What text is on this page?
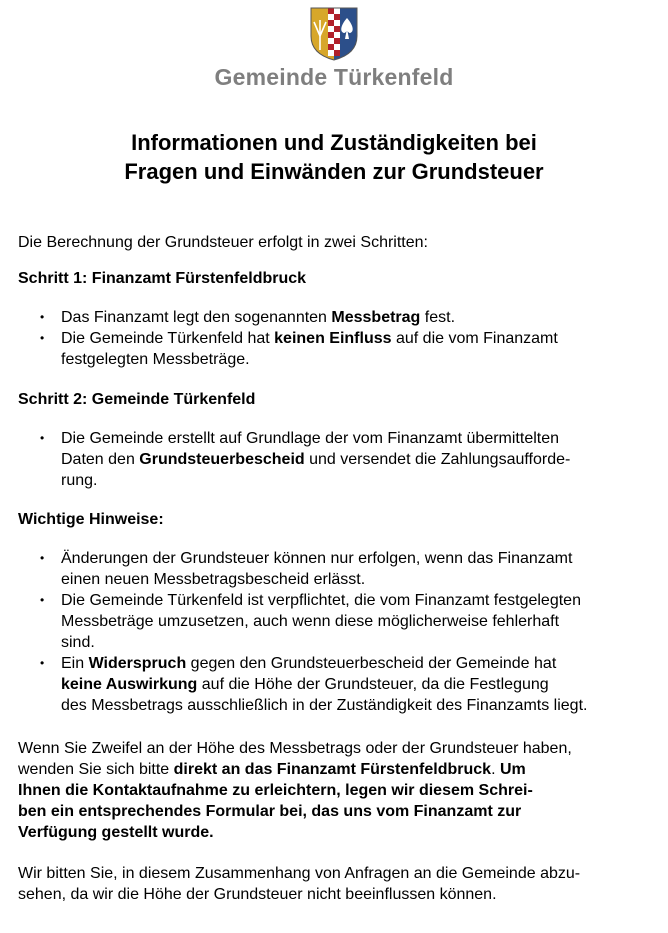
Gemeinde Türkenfeld
Informationen und Zuständigkeiten bei
Fragen und Einwänden zur Grundsteuer
Die Berechnung der Grundsteuer erfolgt in zwei Schritten:
Schritt 1: Finanzamt Fürstenfeldbruck
• Das Finanzamt legt den sogenannten Messbetrag fest.
• Die Gemeinde Türkenfeld hat keinen Einfluss auf die vom Finanzamt
festgelegten Messbeträge.
Schritt 2: Gemeinde Türkenfeld
• Die Gemeinde erstellt auf Grundlage der vom Finanzamt übermittelten
Daten den Grundsteuerbescheid und versendet die Zahlungsaufforde-
rung.
Wichtige Hinweise:
• Änderungen der Grundsteuer können nur erfolgen, wenn das Finanzamt
einen neuen Messbetragsbescheid erlässt.
• Die Gemeinde Türkenfeld ist verpflichtet, die vom Finanzamt festgelegten
Messbeträge umzusetzen, auch wenn diese möglicherweise fehlerhaft
sind.
• Ein Widerspruch gegen den Grundsteuerbescheid der Gemeinde hat
keine Auswirkung auf die Höhe der Grundsteuer, da die Festlegung
des Messbetrags ausschließlich in der Zuständigkeit des Finanzamts liegt.
Wenn Sie Zweifel an der Höhe des Messbetrags oder der Grundsteuer haben,
wenden Sie sich bitte direkt an das Finanzamt Fürstenfeldbruck. Um
Ihnen die Kontaktaufnahme zu erleichtern, legen wir diesem Schrei-
ben ein entsprechendes Formular bei, das uns vom Finanzamt zur
Verfügung gestellt wurde.
Wir bitten Sie, in diesem Zusammenhang von Anfragen an die Gemeinde abzu-
sehen, da wir die Höhe der Grundsteuer nicht beeinflussen können.
